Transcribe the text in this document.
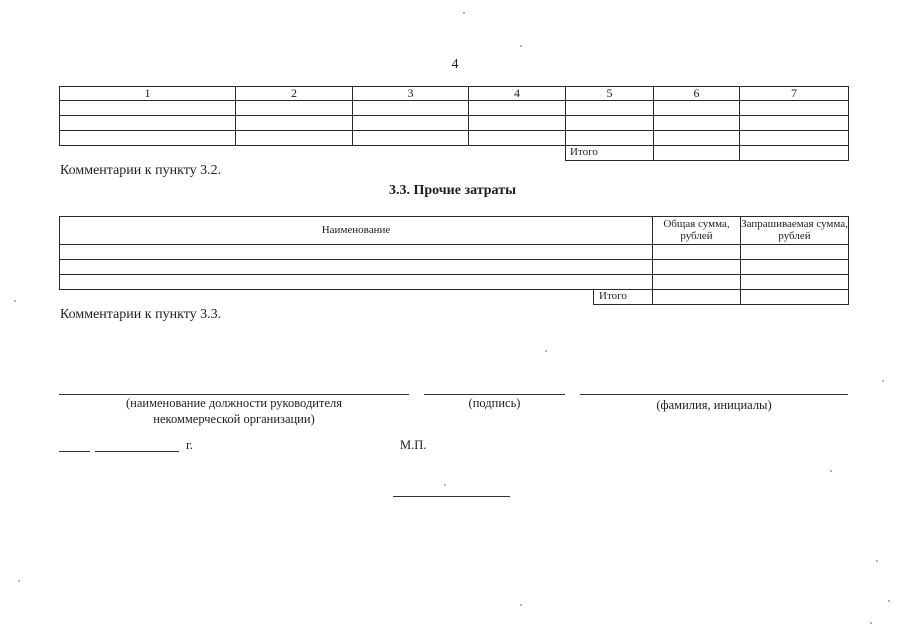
4
1	2	3	4	5	6	7

				Итого		
Комментарии к пункту 3.2.
3.3. Прочие затраты
Наименование		Общая сумма, рублей	Запрашиваемая сумма, рублей

	Итого		
Комментарии к пункту 3.3.
(наименование должности руководителя
некоммерческой организации)
(подпись)	(фамилия, инициалы)
г.	М.П.
